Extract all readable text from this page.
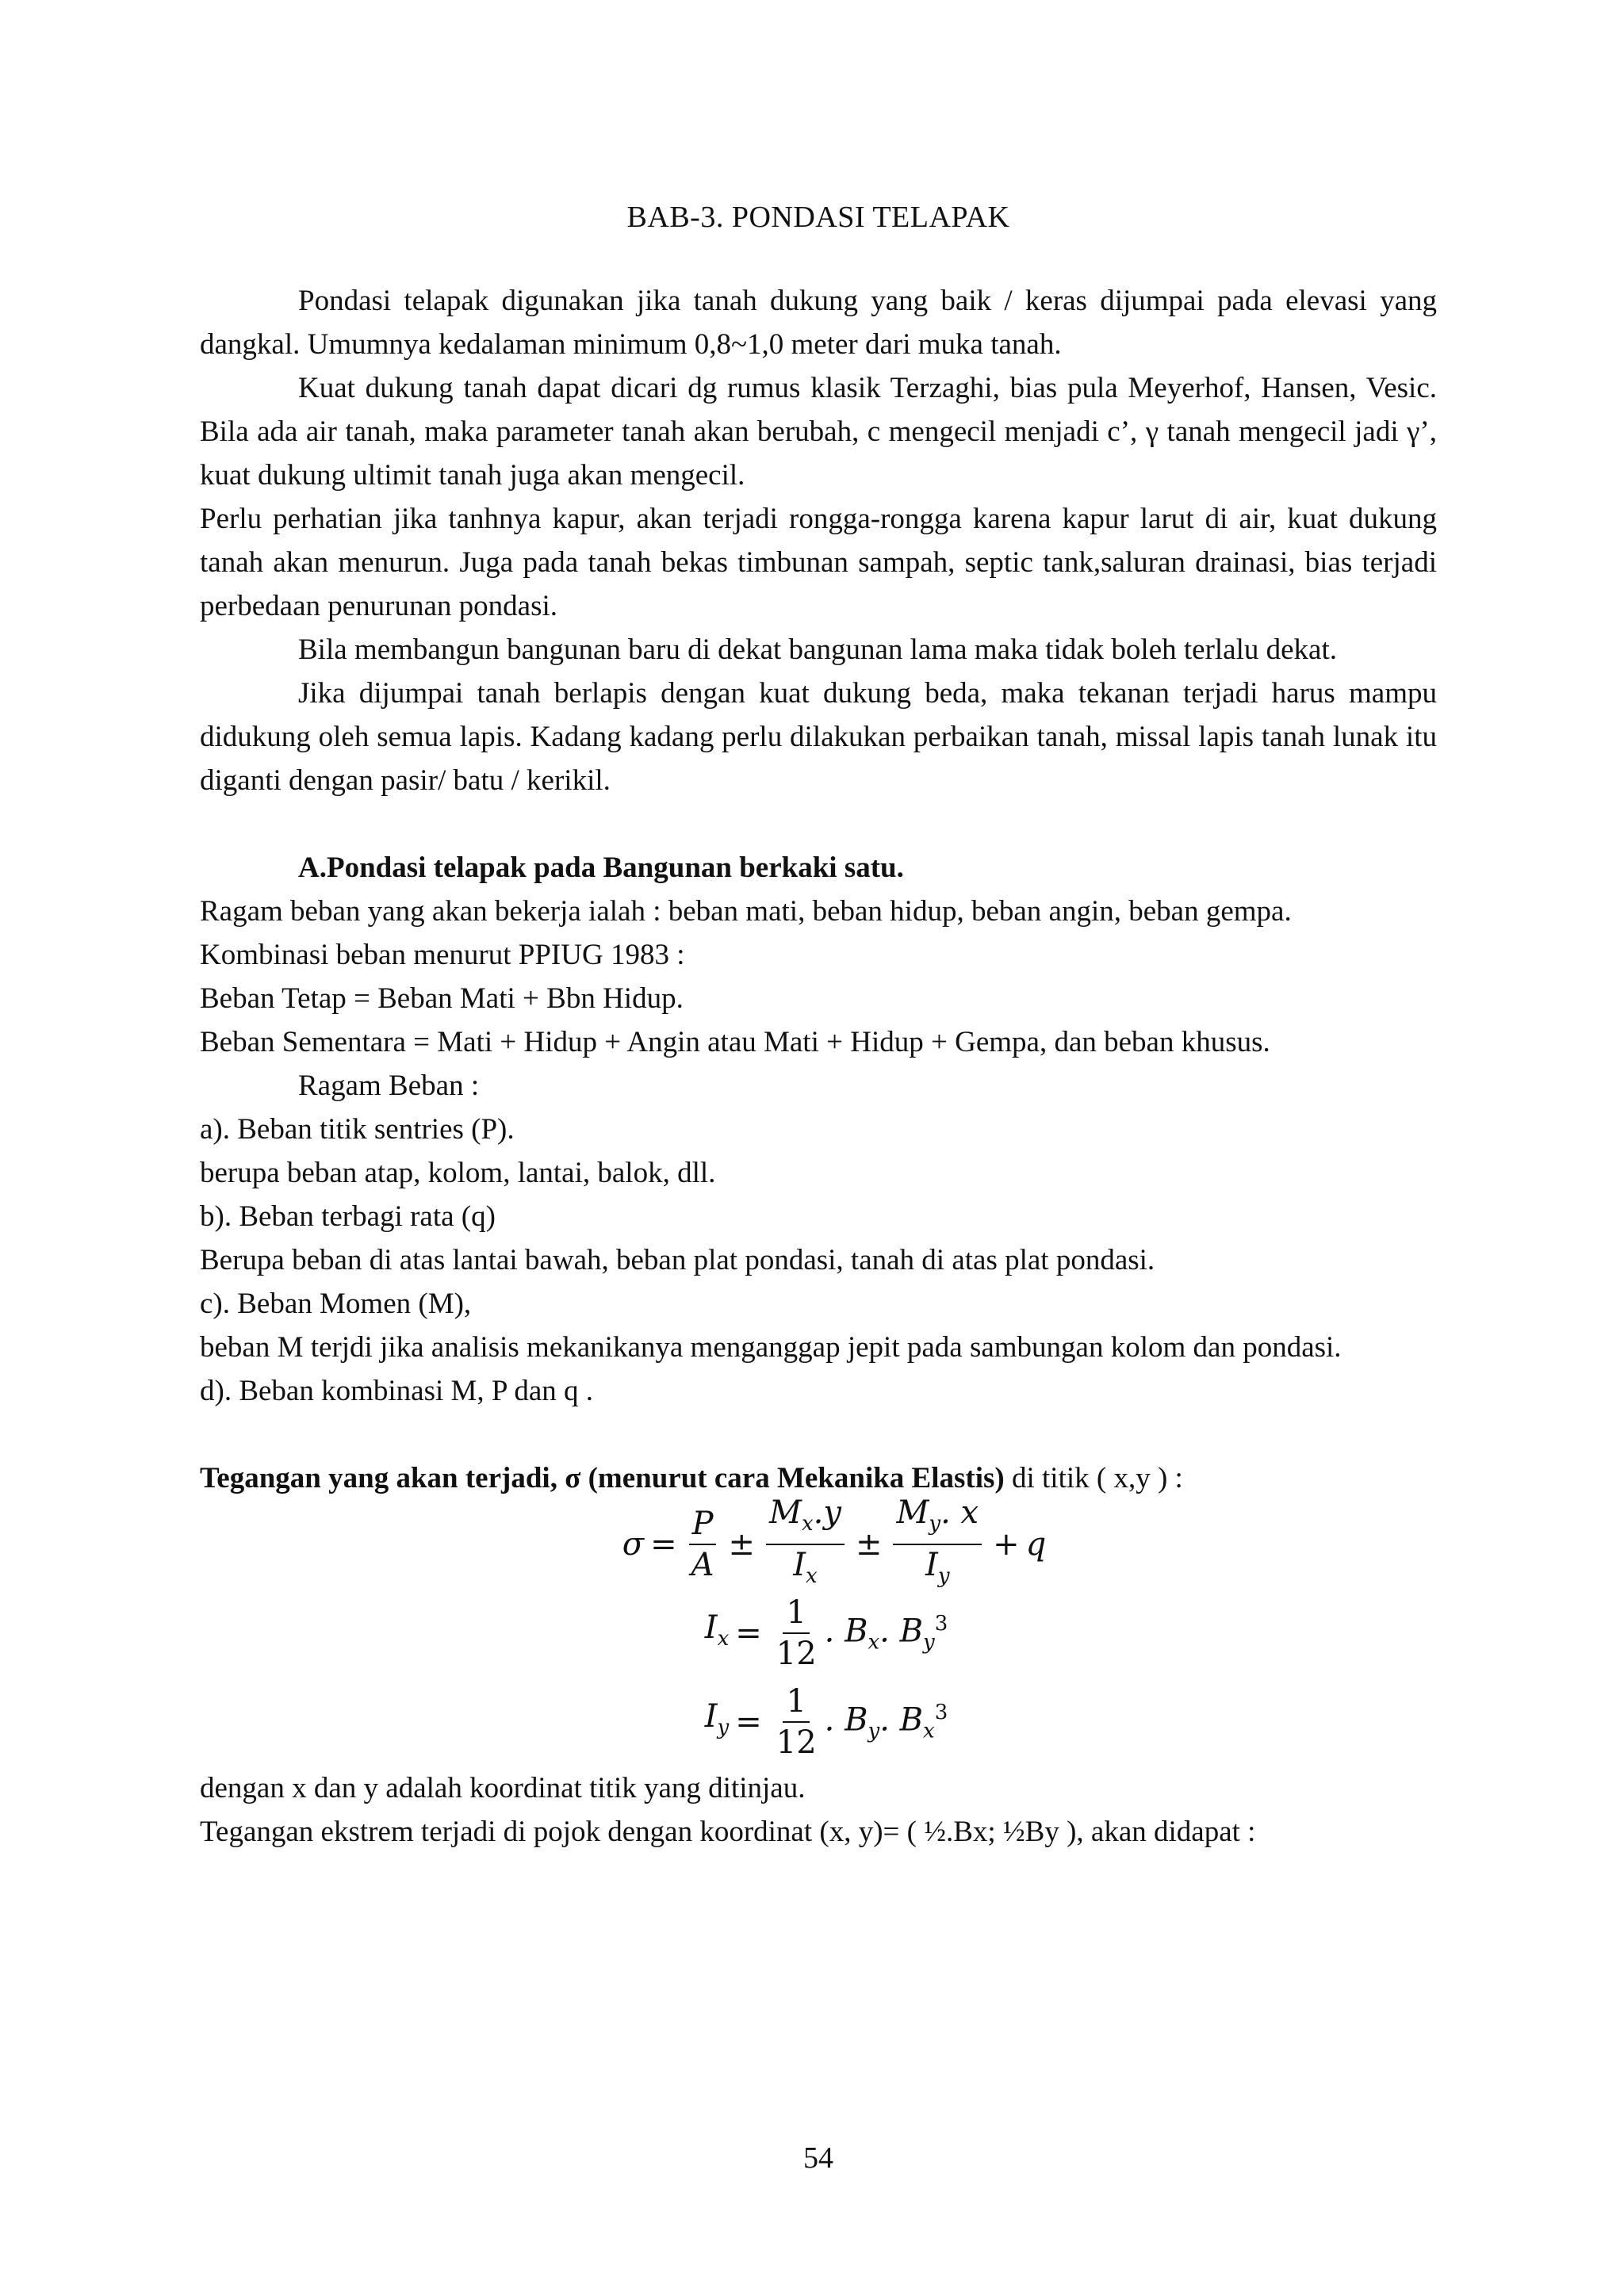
BAB-3. PONDASI TELAPAK

Pondasi telapak digunakan jika tanah dukung yang baik / keras dijumpai pada elevasi yang dangkal. Umumnya kedalaman minimum 0,8~1,0 meter dari muka tanah.

Kuat dukung tanah dapat dicari dg rumus klasik Terzaghi, bias pula Meyerhof, Hansen, Vesic. Bila ada air tanah, maka parameter tanah akan berubah, c mengecil menjadi c’, γ tanah mengecil jadi γ’, kuat dukung ultimit tanah juga akan mengecil.

Perlu perhatian jika tanhnya kapur, akan terjadi rongga-rongga karena kapur larut di air, kuat dukung tanah akan menurun. Juga pada tanah bekas timbunan sampah, septic tank,saluran drainasi, bias terjadi perbedaan penurunan pondasi.

Bila membangun bangunan baru di dekat bangunan lama maka tidak boleh terlalu dekat.

Jika dijumpai tanah berlapis dengan kuat dukung beda, maka tekanan terjadi harus mampu didukung oleh semua lapis. Kadang kadang perlu dilakukan perbaikan tanah, missal lapis tanah lunak itu diganti dengan pasir/ batu / kerikil.

A.Pondasi telapak pada Bangunan berkaki satu.

Ragam beban yang akan bekerja ialah : beban mati, beban hidup, beban angin, beban gempa.

Kombinasi beban menurut PPIUG 1983 :

Beban Tetap = Beban Mati + Bbn Hidup.

Beban Sementara = Mati + Hidup + Angin atau Mati + Hidup + Gempa, dan beban khusus.

Ragam Beban :

a). Beban titik sentries (P).

berupa beban atap, kolom, lantai, balok, dll.

b). Beban terbagi rata (q)

Berupa beban di atas lantai bawah, beban plat pondasi, tanah di atas plat pondasi.

c). Beban Momen (M),

beban M terjdi jika analisis mekanikanya menganggap jepit pada sambungan kolom dan pondasi.

d). Beban kombinasi M, P dan q .

Tegangan yang akan terjadi, σ (menurut cara Mekanika Elastis) di titik ( x,y ) :

$\sigma = \frac{P}{A} \pm \frac{M_x.y}{I_x} \pm \frac{M_y. x}{I_y} + q$
$I_x = \frac{1}{12}$ . $B_x$. $B_y^3$
$I_y = \frac{1}{12}$ . $B_y$. $B_x^3$

dengan x dan y adalah koordinat titik yang ditinjau.

Tegangan ekstrem terjadi di pojok dengan koordinat (x, y)= ( ½.Bx; ½By ), akan didapat :

54
